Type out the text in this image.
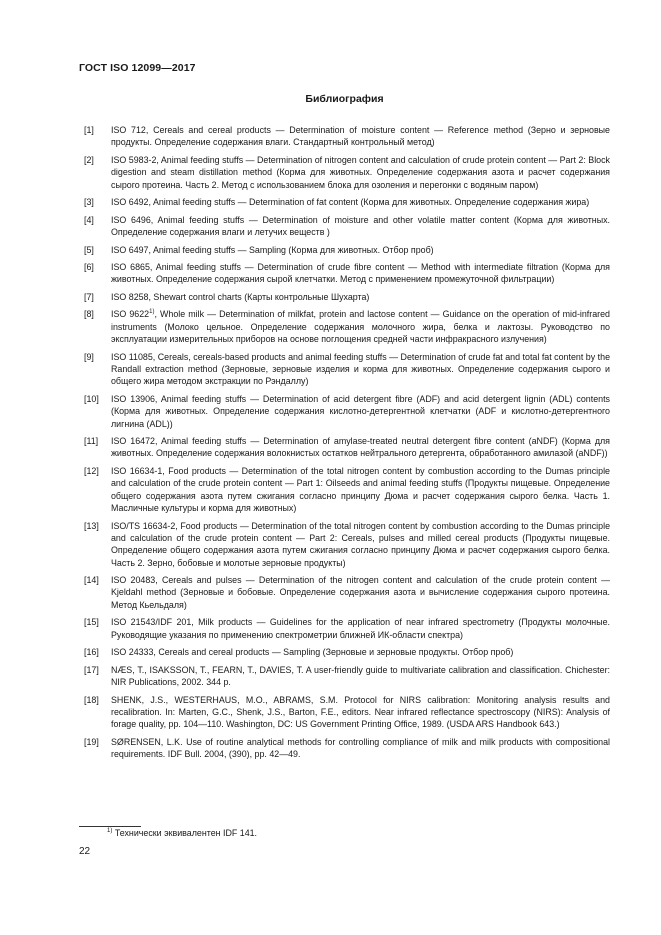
ГОСТ ISO 12099—2017
Библиография
[1] ISO 712, Cereals and cereal products — Determination of moisture content — Reference method (Зерно и зерновые продукты. Определение содержания влаги. Стандартный контрольный метод)
[2] ISO 5983-2, Animal feeding stuffs — Determination of nitrogen content and calculation of crude protein content — Part 2: Block digestion and steam distillation method (Корма для животных. Определение содержания азота и расчет содержания сырого протеина. Часть 2. Метод с использованием блока для озоления и перегонки с водяным паром)
[3] ISO 6492, Animal feeding stuffs — Determination of fat content (Корма для животных. Определение содержания жира)
[4] ISO 6496, Animal feeding stuffs — Determination of moisture and other volatile matter content (Корма для животных. Определение содержания влаги и летучих веществ )
[5] ISO 6497, Animal feeding stuffs — Sampling (Корма для животных. Отбор проб)
[6] ISO 6865, Animal feeding stuffs — Determination of crude fibre content — Method with intermediate filtration (Корма для животных. Определение содержания сырой клетчатки. Метод с применением промежуточной фильтрации)
[7] ISO 8258, Shewart control charts (Карты контрольные Шухарта)
[8] ISO 9622$^{1)}$, Whole milk — Determination of milkfat, protein and lactose content — Guidance on the operation of mid-infrared instruments (Молоко цельное. Определение содержания молочного жира, белка и лактозы. Руководство по эксплуатации измерительных приборов на основе поглощения средней части инфракрасного излучения)
[9] ISO 11085, Cereals, cereals-based products and animal feeding stuffs — Determination of crude fat and total fat content by the Randall extraction method (Зерновые, зерновые изделия и корма для животных. Определение содержания сырого и общего жира методом экстракции по Рэндаллу)
[10] ISO 13906, Animal feeding stuffs — Determination of acid detergent fibre (ADF) and acid detergent lignin (ADL) contents (Корма для животных. Определение содержания кислотно-детергентной клетчатки (ADF и кислотно-детергентного лигнина (ADL))
[11] ISO 16472, Animal feeding stuffs — Determination of amylase-treated neutral detergent fibre content (aNDF) (Корма для животных. Определение содержания волокнистых остатков нейтрального детергента, обработанного амилазой (aNDF))
[12] ISO 16634-1, Food products — Determination of the total nitrogen content by combustion according to the Dumas principle and calculation of the crude protein content — Part 1: Oilseeds and animal feeding stuffs (Продукты пищевые. Определение общего содержания азота путем сжигания согласно принципу Дюма и расчет содержания сырого белка. Часть 1. Масличные культуры и корма для животных)
[13] ISO/TS 16634-2, Food products — Determination of the total nitrogen content by combustion according to the Dumas principle and calculation of the crude protein content — Part 2: Cereals, pulses and milled cereal products (Продукты пищевые. Определение общего содержания азота путем сжигания согласно принципу Дюма и расчет содержания сырого белка. Часть 2. Зерно, бобовые и молотые зерновые продукты)
[14] ISO 20483, Cereals and pulses — Determination of the nitrogen content and calculation of the crude protein content — Kjeldahl method (Зерновые и бобовые. Определение содержания азота и вычисление содержания сырого протеина. Метод Кьельдаля)
[15] ISO 21543/IDF 201, Milk products — Guidelines for the application of near infrared spectrometry (Продукты молочные. Руководящие указания по применению спектрометрии ближней ИК-области спектра)
[16] ISO 24333, Cereals and cereal products — Sampling (Зерновые и зерновые продукты. Отбор проб)
[17] NÆS, T., ISAKSSON, T., FEARN, T., DAVIES, T. A user-friendly guide to multivariate calibration and classification. Chichester: NIR Publications, 2002. 344 p.
[18] SHENK, J.S., WESTERHAUS, M.O., ABRAMS, S.M. Protocol for NIRS calibration: Monitoring analysis results and recalibration. In: Marten, G.C., Shenk, J.S., Barton, F.E., editors. Near infrared reflectance spectroscopy (NIRS): Analysis of forage quality, pp. 104—110. Washington, DC: US Government Printing Office, 1989. (USDA ARS Handbook 643.)
[19] SØRENSEN, L.K. Use of routine analytical methods for controlling compliance of milk and milk products with compositional requirements. IDF Bull. 2004, (390), pp. 42—49.
$^{1)}$ Технически эквивалентен IDF 141.
22
